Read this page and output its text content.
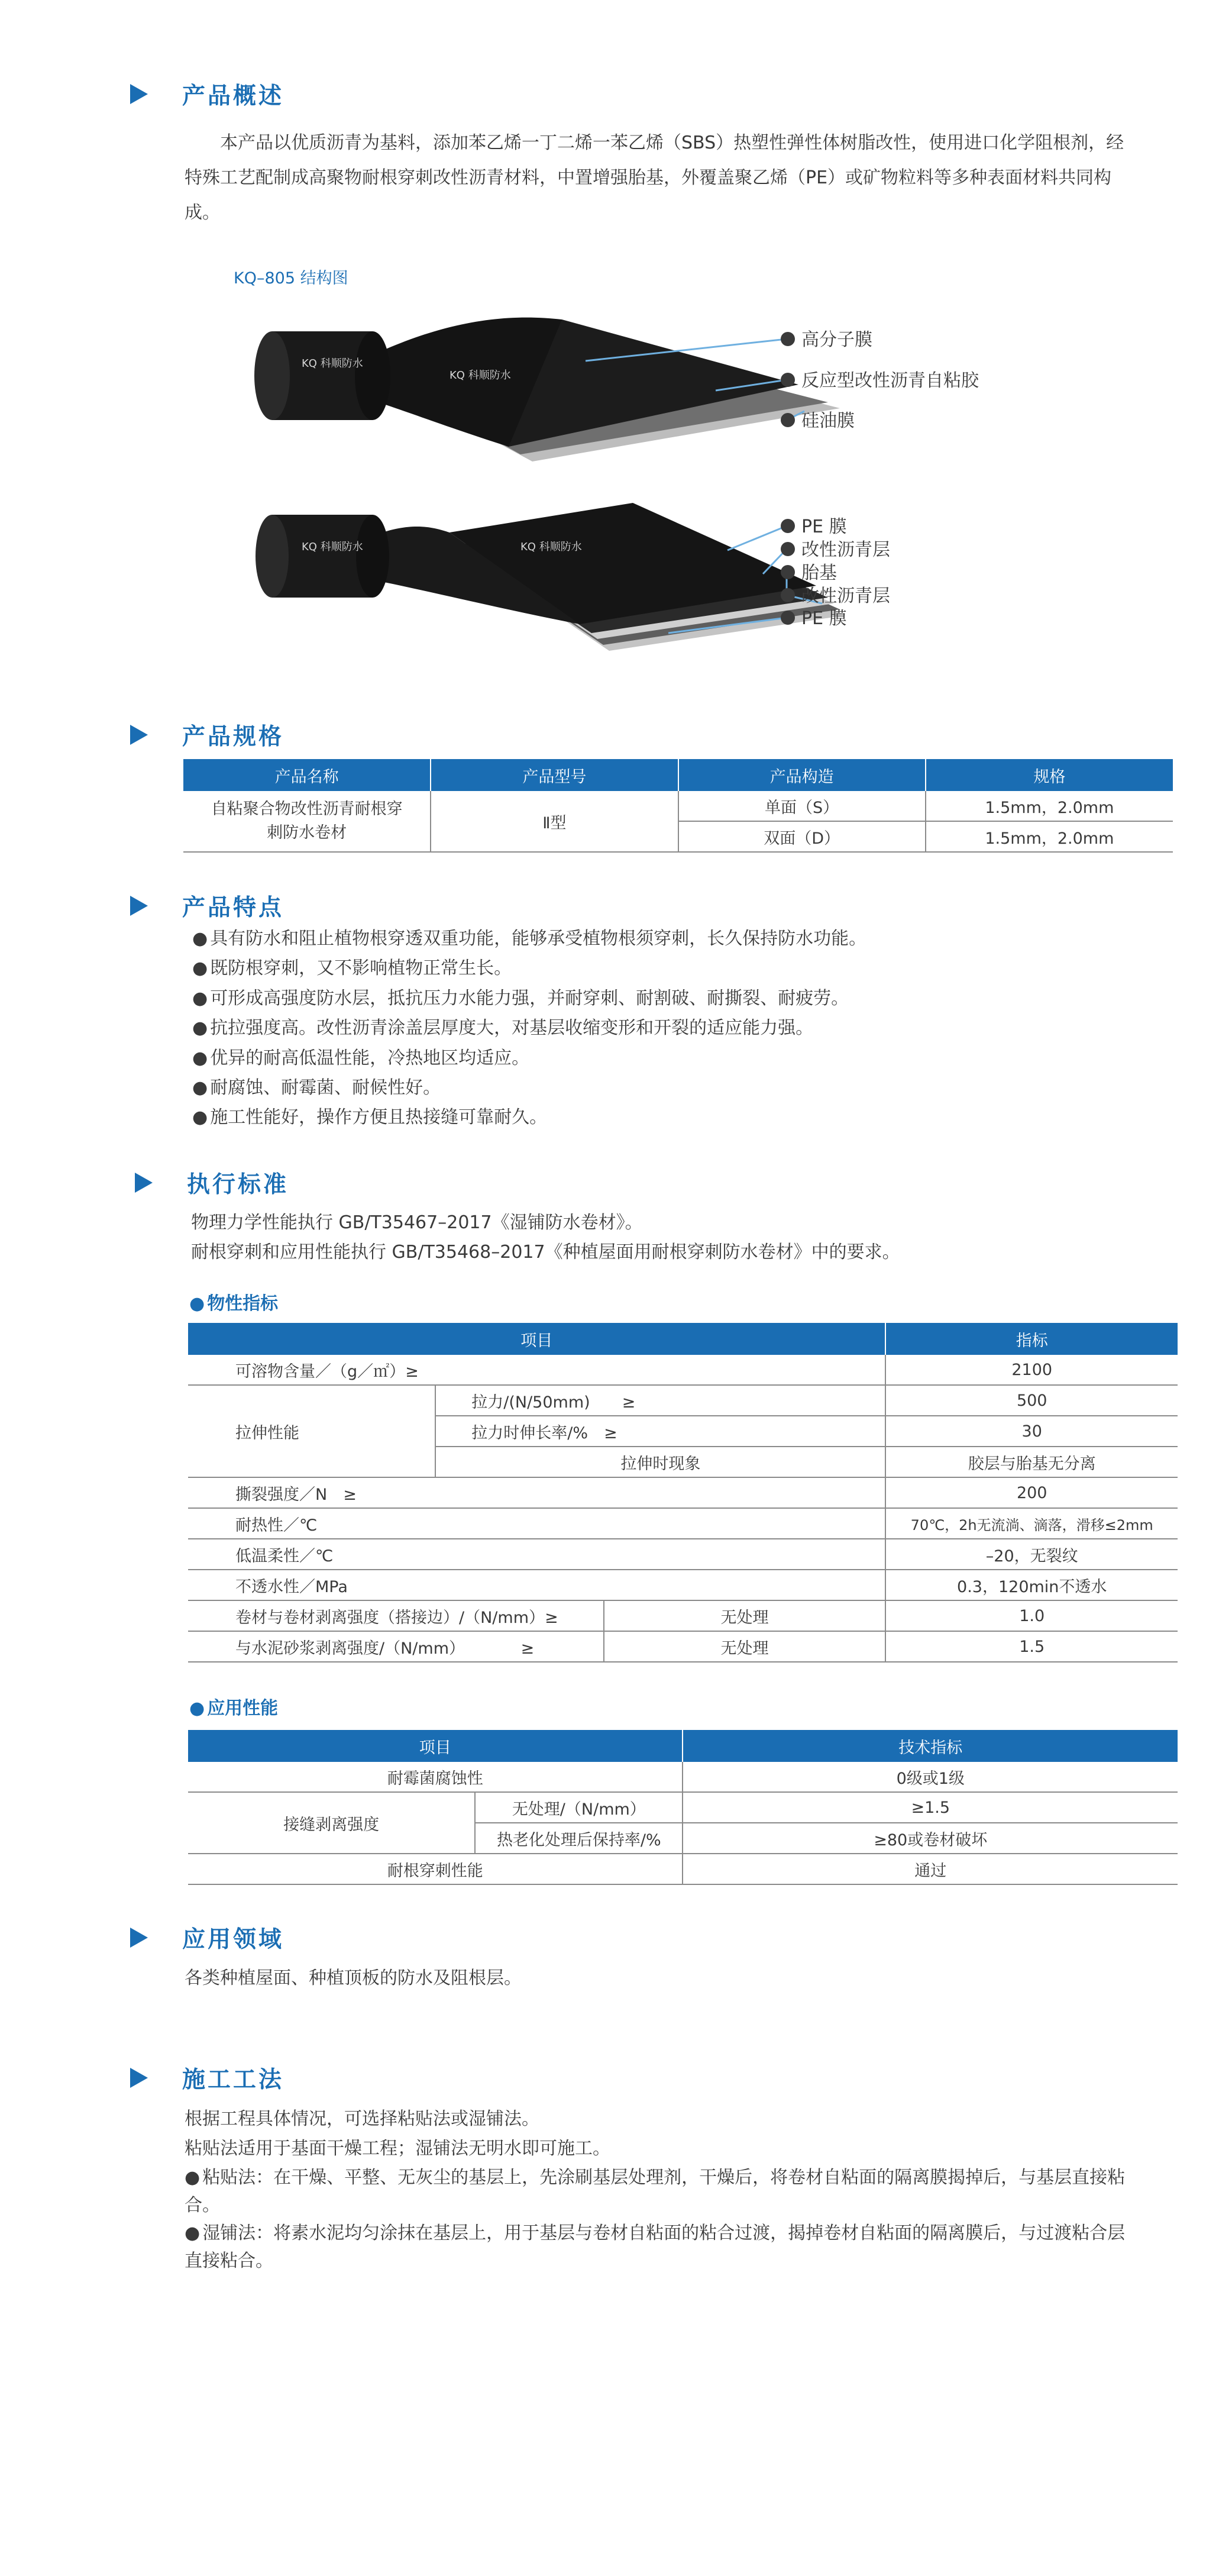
产品概述
本产品以优质沥青为基料，添加苯乙烯一丁二烯一苯乙烯（SBS）热塑性弹性体树脂改性，使用进口化学阻根剂，经特殊工艺配制成高聚物耐根穿刺改性沥青材料，中置增强胎基，外覆盖聚乙烯（PE）或矿物粒料等多种表面材料共同构成。
KQ–805 结构图
KQ 科顺防水
KQ 科顺防水
高分子膜
反应型改性沥青自粘胶
硅油膜
KQ 科顺防水	KQ 科顺防水
PE 膜
改性沥青层
胎基
改性沥青层
PE 膜
产品规格
产品名称	产品型号	产品构造	规格

自粘聚合物改性沥青耐根穿刺防水卷材	Ⅱ型	单面（S）	1.5mm，2.0mm
		双面（D）	1.5mm，2.0mm
产品特点
● 具有防水和阻止植物根穿透双重功能，能够承受植物根须穿刺，长久保持防水功能。
● 既防根穿刺，又不影响植物正常生长。
● 可形成高强度防水层，抵抗压力水能力强，并耐穿刺、耐割破、耐撕裂、耐疲劳。
● 抗拉强度高。改性沥青涂盖层厚度大，对基层收缩变形和开裂的适应能力强。
● 优异的耐高低温性能，冷热地区均适应。
● 耐腐蚀、耐霉菌、耐候性好。
● 施工性能好，操作方便且热接缝可靠耐久。
执行标准
物理力学性能执行 GB/T35467–2017《湿铺防水卷材》。
耐根穿刺和应用性能执行 GB/T35468–2017《种植屋面用耐根穿刺防水卷材》中的要求。
● 物性指标
项目			指标
可溶物含量／（g／㎡）≥			2100
拉伸性能	拉力/(N/50mm)　　≥		500
	拉力时伸长率/%　≥		30
	拉伸时现象		胶层与胎基无分离
撕裂强度／N　≥			200
耐热性／℃			70℃，2h无流淌、滴落，滑移≤2mm
低温柔性／℃			–20，无裂纹
不透水性／MPa			0.3，120min不透水
卷材与卷材剥离强度（搭接边）/（N/mm）≥		无处理	1.0
与水泥砂浆剥离强度/（N/mm）　　　　≥		无处理	1.5
● 应用性能
项目		技术指标
耐霉菌腐蚀性		0级或1级
接缝剥离强度	无处理/（N/mm）	≥1.5
	热老化处理后保持率/%	≥80或卷材破坏
耐根穿刺性能		通过
应用领域
各类种植屋面、种植顶板的防水及阻根层。
施工工法
根据工程具体情况，可选择粘贴法或湿铺法。
粘贴法适用于基面干燥工程；湿铺法无明水即可施工。
● 粘贴法：在干燥、平整、无灰尘的基层上，先涂刷基层处理剂，干燥后，将卷材自粘面的隔离膜揭掉后，与基层直接粘合。
● 湿铺法：将素水泥均匀涂抹在基层上，用于基层与卷材自粘面的粘合过渡，揭掉卷材自粘面的隔离膜后，与过渡粘合层直接粘合。
